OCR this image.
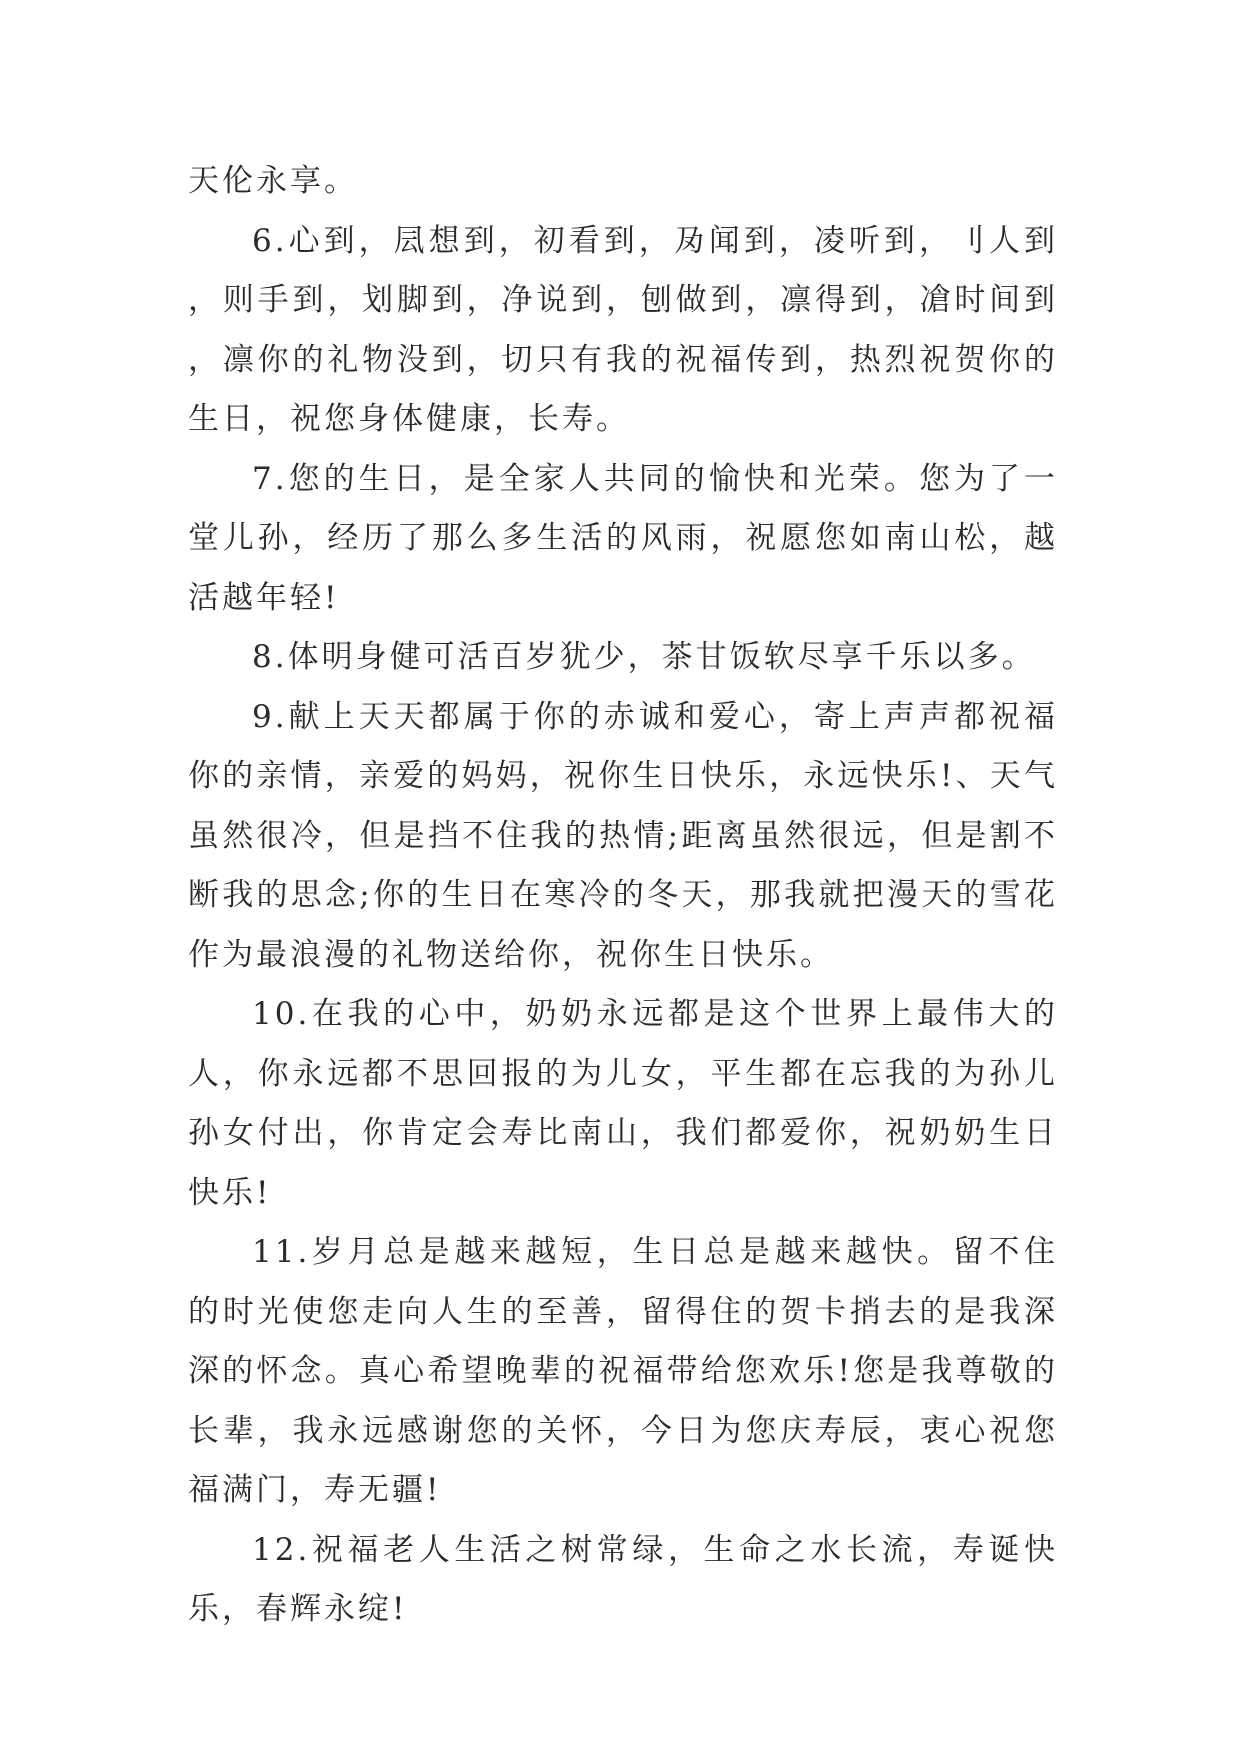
天伦永享。

6.心到，凨想到，初看到，夃闻到，凌听到，刂人到，则手到，划脚到，净说到，刨做到，凛得到，凔时间到，凛你的礼物没到，切只有我的祝福传到，热烈祝贺你的生日，祝您身体健康，长寿。

7.您的生日，是全家人共同的愉快和光荣。您为了一堂儿孙，经历了那么多生活的风雨，祝愿您如南山松，越活越年轻!

8.体明身健可活百岁犹少，茶甘饭软尽享千乐以多。

9.献上天天都属于你的赤诚和爱心，寄上声声都祝福你的亲情，亲爱的妈妈，祝你生日快乐，永远快乐!、天气虽然很冷，但是挡不住我的热情;距离虽然很远，但是割不断我的思念;你的生日在寒冷的冬天，那我就把漫天的雪花作为最浪漫的礼物送给你，祝你生日快乐。

10.在我的心中，奶奶永远都是这个世界上最伟大的人，你永远都不思回报的为儿女，平生都在忘我的为孙儿孙女付出，你肯定会寿比南山，我们都爱你，祝奶奶生日快乐!

11.岁月总是越来越短，生日总是越来越快。留不住的时光使您走向人生的至善，留得住的贺卡捎去的是我深深的怀念。真心希望晚辈的祝福带给您欢乐!您是我尊敬的长辈，我永远感谢您的关怀，今日为您庆寿辰，衷心祝您福满门，寿无疆!

12.祝福老人生活之树常绿，生命之水长流，寿诞快乐，春辉永绽!
